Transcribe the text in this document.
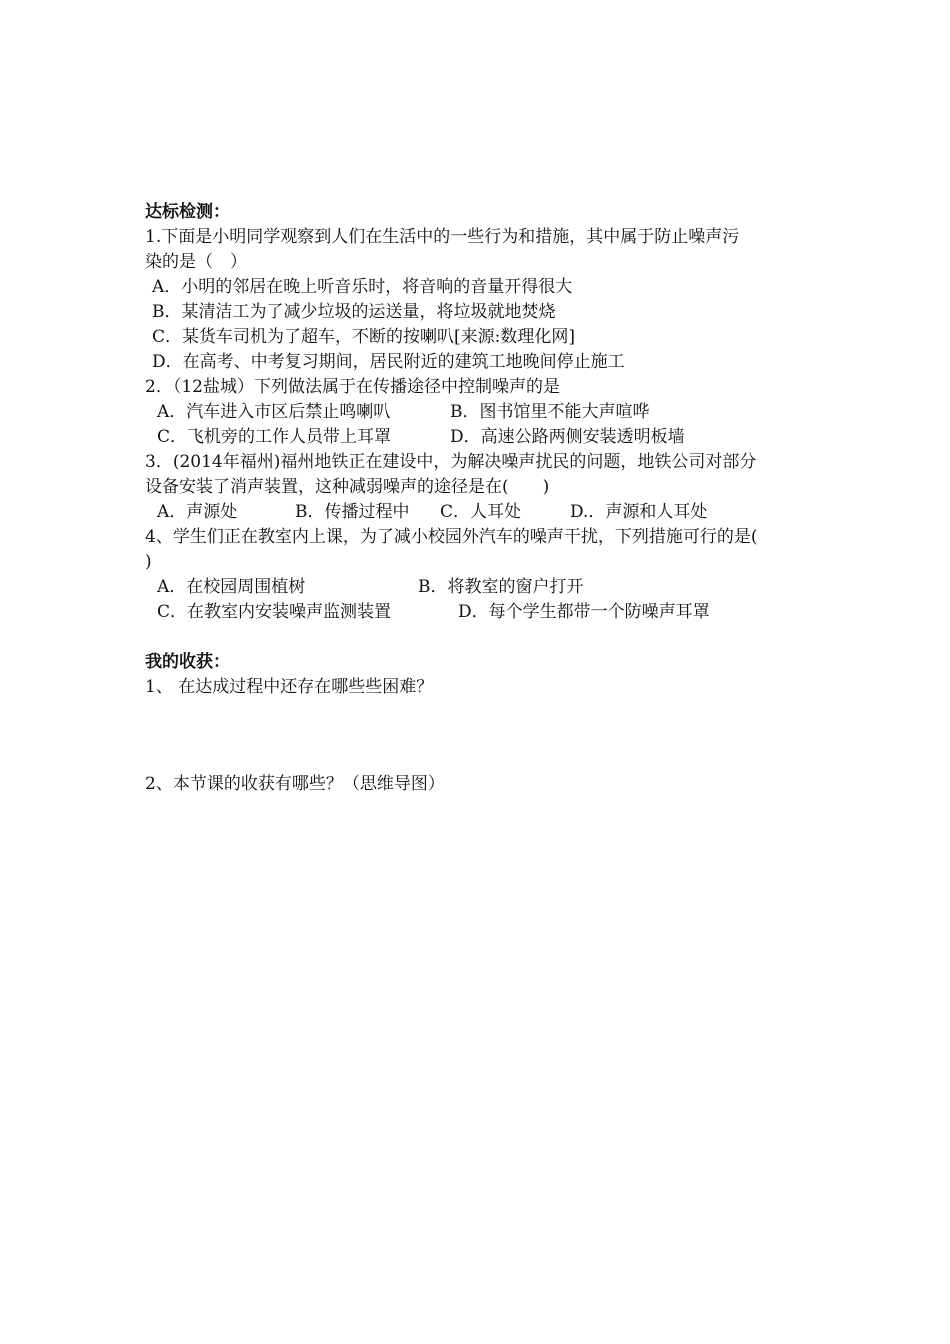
达标检测：
1.下面是小明同学观察到人们在生活中的一些行为和措施，其中属于防止噪声污
染的是（　）
A．小明的邻居在晚上听音乐时，将音响的音量开得很大
B．某清洁工为了减少垃圾的运送量，将垃圾就地焚烧
C．某货车司机为了超车，不断的按喇叭[来源:数理化网]
D．在高考、中考复习期间，居民附近的建筑工地晚间停止施工
2．（12盐城）下列做法属于在传播途径中控制噪声的是
A．汽车进入市区后禁止鸣喇叭	B．图书馆里不能大声喧哗
C．飞机旁的工作人员带上耳罩	D．高速公路两侧安装透明板墙
3．(2014年福州)福州地铁正在建设中，为解决噪声扰民的问题，地铁公司对部分
设备安装了消声装置，这种减弱噪声的途径是在(　　)
A．声源处	B．传播过程中 C．人耳处	D.．声源和人耳处
4、学生们正在教室内上课，为了减小校园外汽车的噪声干扰，下列措施可行的是(
)
A．在校园周围植树	B．将教室的窗户打开
C．在教室内安装噪声监测装置	D．每个学生都带一个防噪声耳罩
我的收获：
1、 在达成过程中还存在哪些些困难？
2、本节课的收获有哪些？（思维导图）
